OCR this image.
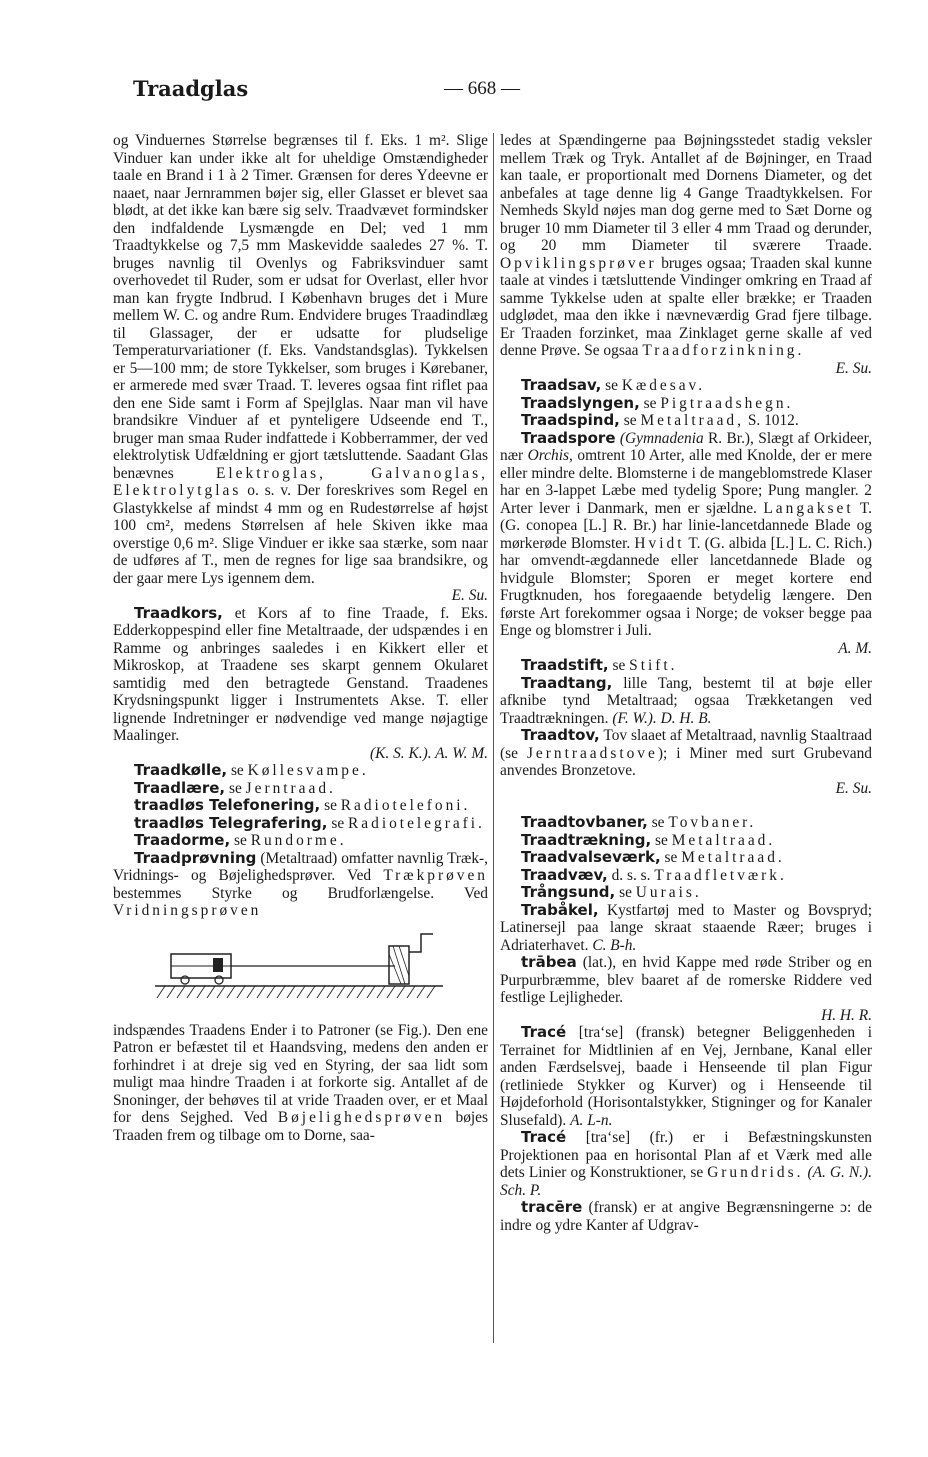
Traadglas	— 668 —

og Vinduernes Størrelse begrænses til f. Eks. 1 m². Slige Vinduer kan under ikke alt for uheldige Omstændigheder taale en Brand i 1 à 2 Timer. Grænsen for deres Ydeevne er naaet, naar Jernrammen bøjer sig, eller Glasset er blevet saa blødt, at det ikke kan bære sig selv. Traadvævet formindsker den indfaldende Lysmængde en Del; ved 1 mm Traadtykkelse og 7,5 mm Maskevidde saaledes 27 %. T. bruges navnlig til Ovenlys og Fabriksvinduer samt overhovedet til Ruder, som er udsat for Overlast, eller hvor man kan frygte Indbrud. I København bruges det i Mure mellem W. C. og andre Rum. Endvidere bruges Traadindlæg til Glassager, der er udsatte for pludselige Temperaturvariationer (f. Eks. Vandstandsglas). Tykkelsen er 5—100 mm; de store Tykkelser, som bruges i Kørebaner, er armerede med svær Traad. T. leveres ogsaa fint riflet paa den ene Side samt i Form af Spejlglas. Naar man vil have brandsikre Vinduer af et pynteligere Udseende end T., bruger man smaa Ruder indfattede i Kobberrammer, der ved elektrolytisk Udfældning er gjort tætsluttende. Saadant Glas benævnes	Elektroglas, Galvanoglas, Elektrolytglas o. s. v. Der foreskrives som Regel en Glastykkelse af mindst 4 mm og en Rudestørrelse af højst 100 cm², medens Størrelsen af hele Skiven ikke maa overstige 0,6 m². Slige Vinduer er ikke saa stærke, som naar de udføres af T., men de regnes for lige saa brandsikre, og der gaar mere Lys igennem dem.
E. Su.

Traadkors, et Kors af to fine Traade, f. Eks. Edderkoppespind eller fine Metaltraade, der udspændes i en Ramme og anbringes saaledes i en Kikkert eller et Mikroskop, at Traadene ses skarpt gennem Okularet samtidig med den betragtede Genstand. Traadenes Krydsningspunkt ligger i Instrumentets Akse. T. eller lignende Indretninger er nødvendige ved mange nøjagtige Maalinger.
(K. S. K.). A. W. M.

Traadkølle, se Køllesvampe.

Traadlære, se Jerntraad.

traadløs Telefonering, se Radiotelefoni.

traadløs Telegrafering, se Radiotelegrafi.

Traadorme, se Rundorme.

Traadprøvning (Metaltraad) omfatter navnlig Træk-, Vridnings- og Bøjelighedsprøver. Ved Trækprøven bestemmes Styrke og Brudforlængelse. Ved Vridningsprøven

indspændes Traadens Ender i to Patroner (se Fig.). Den ene Patron er befæstet til et Haandsving, medens den anden er forhindret i at dreje sig ved en Styring, der saa lidt som muligt maa hindre Traaden i at forkorte sig. Antallet af de Snoninger, der behøves til at vride Traaden over, er et Maal for dens Sejghed. Ved Bøjelighedsprøven bøjes Traaden frem og tilbage om to Dorne, saa-

ledes at Spændingerne paa Bøjningsstedet stadig veksler mellem Træk og Tryk. Antallet af de Bøjninger, en Traad kan taale, er proportionalt med Dornens Diameter, og det anbefales at tage denne lig 4 Gange Traadtykkelsen. For Nemheds Skyld nøjes man dog gerne med to Sæt Dorne og bruger 10 mm Diameter til 3 eller 4 mm Traad og derunder, og 20 mm Diameter til sværere Traade. Opviklingsprøver bruges ogsaa; Traaden skal kunne taale at vindes i tætsluttende Vindinger omkring en Traad af samme Tykkelse uden at spalte eller brække; er Traaden udglødet, maa den ikke i nævneværdig Grad fjere tilbage. Er Traaden forzinket, maa Zinklaget gerne skalle af ved denne Prøve. Se ogsaa Traadforzinkning.
E. Su.

Traadsav, se Kædesav.

Traadslyngen, se Pigtraadshegn.

Traadspind, se Metaltraad, S. 1012.

Traadspore (Gymnadenia R. Br.), Slægt af Orkideer, nær Orchis, omtrent 10 Arter, alle med Knolde, der er mere eller mindre delte. Blomsterne i de mangeblomstrede Klaser har en 3-lappet Læbe med tydelig Spore; Pung mangler. 2 Arter lever i Danmark, men er sjældne. Langakset T. (G. conopea [L.] R. Br.) har linie-lancetdannede Blade og mørkerøde Blomster. Hvidt T. (G. albida [L.] L. C. Rich.) har omvendt-ægdannede eller lancetdannede Blade og hvidgule Blomster; Sporen er meget kortere end Frugtknuden, hos foregaaende betydelig længere. Den første Art forekommer ogsaa i Norge; de vokser begge paa Enge og blomstrer i Juli.
A. M.

Traadstift, se Stift.

Traadtang, lille Tang, bestemt til at bøje eller afknibe tynd Metaltraad; ogsaa Trækketangen ved Traadtrækningen. (F. W.). D. H. B.

Traadtov, Tov slaaet af Metaltraad, navnlig Staaltraad (se Jerntraadstove); i Miner med surt Grubevand anvendes Bronzetove.
E. Su.

Traadtovbaner, se Tovbaner.

Traadtrækning, se Metaltraad.

Traadvalseværk, se Metaltraad.

Traadvæv, d. s. s. Traadfletværk.

Trångsund, se Uurais.

Trabåkel, Kystfartøj med to Master og Bovspryd; Latinersejl paa lange skraat staaende Ræer; bruges i Adriaterhavet. C. B-h.

trābea (lat.), en hvid Kappe med røde Striber og en Purpurbræmme, blev baaret af de romerske Riddere ved festlige Lejligheder.
H. H. R.

Tracé [tra‘se] (fransk) betegner Beliggenheden i Terrainet for Midtlinien af en Vej, Jernbane, Kanal eller anden Færdselsvej, baade i Henseende til plan Figur (retliniede Stykker og Kurver) og i Henseende til Højdeforhold (Horisontalstykker, Stigninger og for Kanaler Slusefald). A. L-n.

Tracé [tra‘se] (fr.) er i Befæstningskunsten Projektionen paa en horisontal Plan af et Værk med alle dets Linier og Konstruktioner, se Grundrids. (A. G. N.). Sch. P.

tracēre (fransk) er at angive Begrænsningerne ɔ: de indre og ydre Kanter af Udgrav-
